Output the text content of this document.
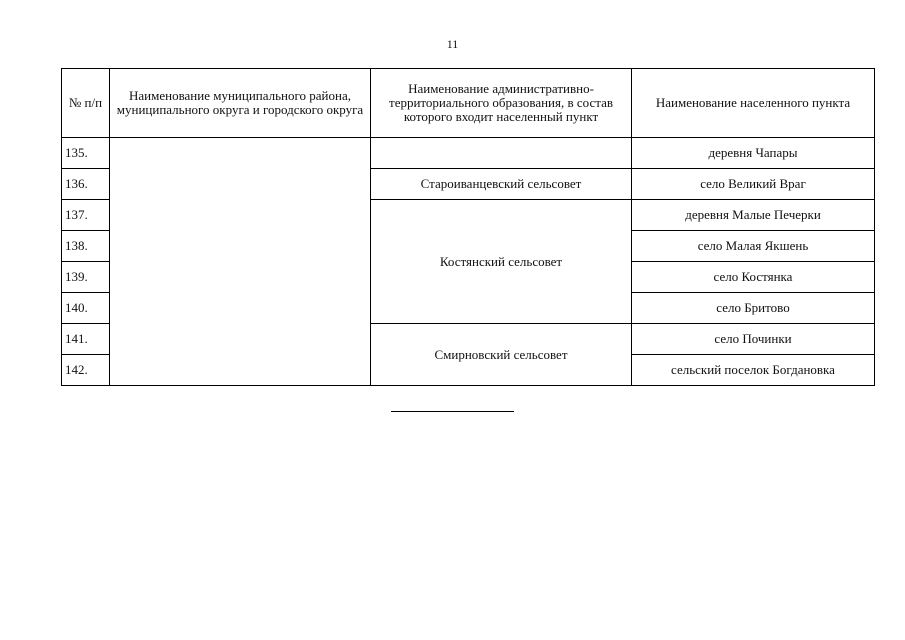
11
№ п/п	Наименование муниципального района, муниципального округа и городского округа	Наименование административно-территориального образования, в состав которого входит населенный пункт	Наименование населенного пункта
135.			деревня Чапары
136.		Староиванцевский сельсовет	село Великий Враг
137.		Костянский сельсовет	деревня Малые Печерки
138.			село Малая Якшень
139.			село Костянка
140.			село Бритово
141.		Смирновский сельсовет	село Починки
142.			сельский поселок Богдановка
